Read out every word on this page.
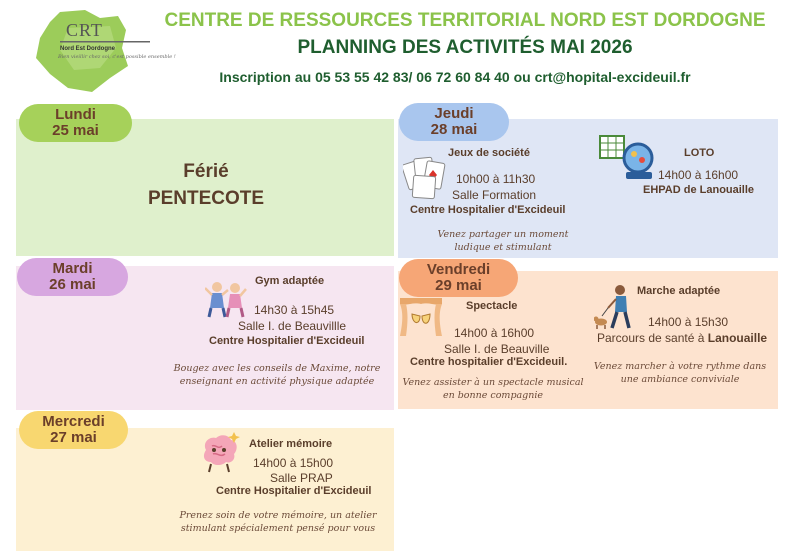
CRT
Nord Est Dordogne
Bien vieillir chez soi, c'est possible ensemble !
CENTRE DE RESSOURCES TERRITORIAL NORD EST DORDOGNE
PLANNING DES ACTIVITÉS MAI 2026
Inscription au 05 53 55 42 83/ 06 72 60 84 40 ou crt@hopital-excideuil.fr
Lundi
25 mai
Mardi
26 mai
Mercredi
27 mai
Jeudi
28 mai
Vendredi
29 mai
Férié
PENTECOTE
Gym adaptée
14h30 à 15h45
Salle I. de Beauvillle
Centre Hospitalier d'Excideuil
Bougez avec les conseils de Maxime, notre enseignant en activité physique adaptée
Atelier mémoire
14h00 à 15h00
Salle PRAP
Centre Hospitalier d'Excideuil
Prenez soin de votre mémoire, un atelier stimulant spécialement pensé pour vous
Jeux de société
10h00 à 11h30
Salle Formation
Centre Hospitalier d'Excideuil
Venez partager un moment ludique et stimulant
LOTO
14h00 à 16h00
EHPAD de Lanouaille
Spectacle
14h00 à 16h00
Salle I. de Beauville
Centre hospitalier d'Excideuil.
Venez assister à un spectacle musical en bonne compagnie
Marche adaptée
14h00 à 15h30
Parcours de santé à Lanouaille
Venez marcher à votre rythme dans une ambiance conviviale
